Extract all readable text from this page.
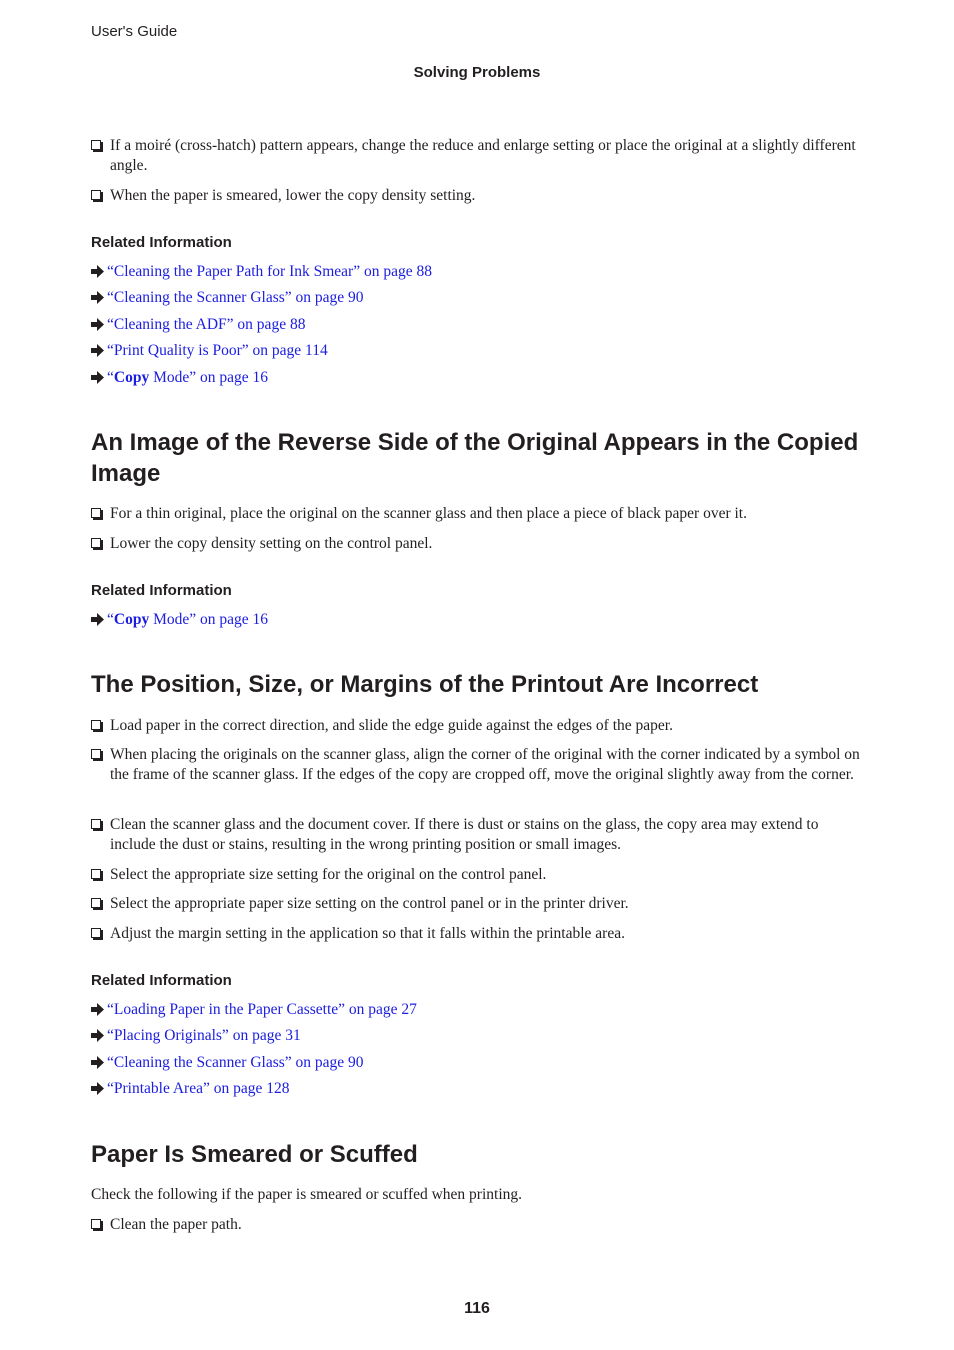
User's Guide
Solving Problems
If a moiré (cross-hatch) pattern appears, change the reduce and enlarge setting or place the original at a slightly different angle.
When the paper is smeared, lower the copy density setting.
Related Information
“Cleaning the Paper Path for Ink Smear” on page 88
“Cleaning the Scanner Glass” on page 90
“Cleaning the ADF” on page 88
“Print Quality is Poor” on page 114
“Copy Mode” on page 16
An Image of the Reverse Side of the Original Appears in the Copied Image
For a thin original, place the original on the scanner glass and then place a piece of black paper over it.
Lower the copy density setting on the control panel.
Related Information
“Copy Mode” on page 16
The Position, Size, or Margins of the Printout Are Incorrect
Load paper in the correct direction, and slide the edge guide against the edges of the paper.
When placing the originals on the scanner glass, align the corner of the original with the corner indicated by a symbol on the frame of the scanner glass. If the edges of the copy are cropped off, move the original slightly away from the corner.
Clean the scanner glass and the document cover. If there is dust or stains on the glass, the copy area may extend to include the dust or stains, resulting in the wrong printing position or small images.
Select the appropriate size setting for the original on the control panel.
Select the appropriate paper size setting on the control panel or in the printer driver.
Adjust the margin setting in the application so that it falls within the printable area.
Related Information
“Loading Paper in the Paper Cassette” on page 27
“Placing Originals” on page 31
“Cleaning the Scanner Glass” on page 90
“Printable Area” on page 128
Paper Is Smeared or Scuffed
Check the following if the paper is smeared or scuffed when printing.
Clean the paper path.
116
